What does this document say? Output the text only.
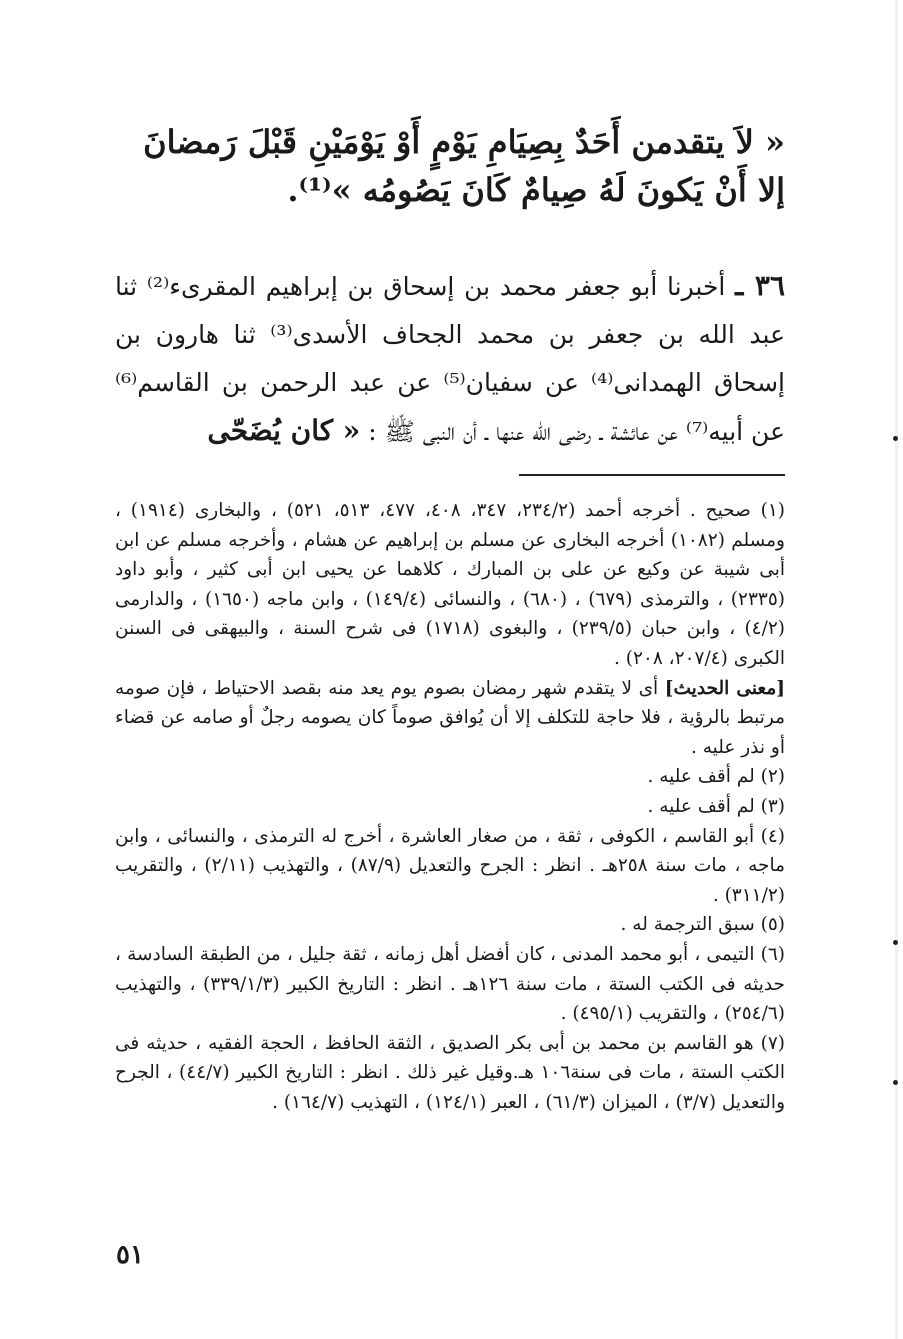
« لاَ يتقدمن أَحَدٌ بِصِيَامِ يَوْمٍ أَوْ يَوْمَيْنِ قَبْلَ رَمضانَ إلا أَنْ يَكونَ لَهُ صِيامٌ كَانَ يَصُومُه »⁽¹⁾.
٣٦ ـ أخبرنا أبو جعفر محمد بن إسحاق بن إبراهيم المقرىء⁽²⁾ ثنا عبد الله بن جعفر بن محمد الجحاف الأسدى⁽³⁾ ثنا هارون بن إسحاق الهمدانى⁽⁴⁾ عن سفيان⁽⁵⁾ عن عبد الرحمن بن القاسم⁽⁶⁾ عن أبيه⁽⁷⁾ عن عائشة ـ رضى الله عنها ـ أن النبى ﷺ : « كان يُضَحّى

(١) صحيح . أخرجه أحمد (٢٣٤/٢، ٣٤٧، ٤٠٨، ٤٧٧، ٥١٣، ٥٢١) ، والبخارى (١٩١٤) ، ومسلم (١٠٨٢) أخرجه البخارى عن مسلم بن إبراهيم عن هشام ، وأخرجه مسلم عن ابن أبى شيبة عن وكيع عن على بن المبارك ، كلاهما عن يحيى ابن أبى كثير ، وأبو داود (٢٣٣٥) ، والترمذى (٦٧٩) ، (٦٨٠) ، والنسائى (١٤٩/٤) ، وابن ماجه (١٦٥٠) ، والدارمى (٤/٢) ، وابن حبان (٢٣٩/٥) ، والبغوى (١٧١٨) فى شرح السنة ، والبيهقى فى السنن الكبرى (٢٠٧/٤، ٢٠٨) .

[معنى الحديث] أى لا يتقدم شهر رمضان بصوم يوم يعد منه بقصد الاحتياط ، فإن صومه مرتبط بالرؤية ، فلا حاجة للتكلف إلا أن يُوافق صوماً كان يصومه رجلٌ أو صامه عن قضاء أو نذر عليه .

(٢) لم أقف عليه .

(٣) لم أقف عليه .

(٤) أبو القاسم ، الكوفى ، ثقة ، من صغار العاشرة ، أخرج له الترمذى ، والنسائى ، وابن ماجه ، مات سنة ٢٥٨هـ . انظر : الجرح والتعديل (٨٧/٩) ، والتهذيب (٢/١١) ، والتقريب (٣١١/٢) .

(٥) سبق الترجمة له .

(٦) التيمى ، أبو محمد المدنى ، كان أفضل أهل زمانه ، ثقة جليل ، من الطبقة السادسة ، حديثه فى الكتب الستة ، مات سنة ١٢٦هـ . انظر : التاريخ الكبير (٣٣٩/١/٣) ، والتهذيب (٢٥٤/٦) ، والتقريب (٤٩٥/١) .

(٧) هو القاسم بن محمد بن أبى بكر الصديق ، الثقة الحافظ ، الحجة الفقيه ، حديثه فى الكتب الستة ، مات فى سنة١٠٦ هـ.وقيل غير ذلك . انظر : التاريخ الكبير (٤٤/٧) ، الجرح والتعديل (٣/٧) ، الميزان (٦١/٣) ، العبر (١٢٤/١) ، التهذيب (١٦٤/٧) .

٥١
